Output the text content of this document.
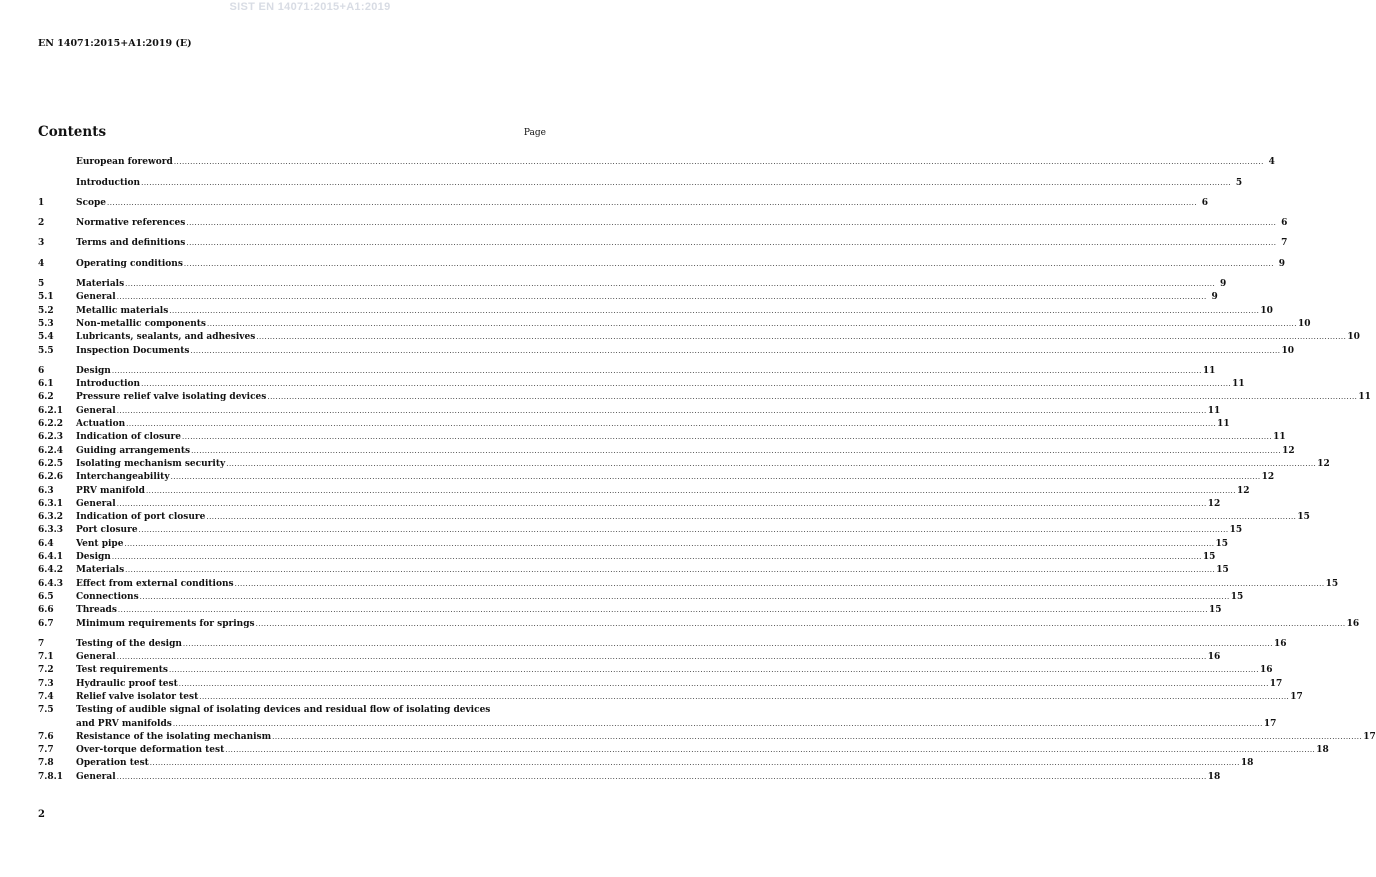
SIST EN 14071:2015+A1:2019
EN 14071:2015+A1:2019 (E)
Contents	Page
European foreword ................................................................................................................................................................................................................................................................................................................................................................................................................ 4
Introduction ................................................................................................................................................................................................................................................................................................................................................................................................................ 5
1	Scope ................................................................................................................................................................................................................................................................................................................................................................................................................ 6
2	Normative references ................................................................................................................................................................................................................................................................................................................................................................................................................ 6
3	Terms and definitions ................................................................................................................................................................................................................................................................................................................................................................................................................ 7
4	Operating conditions ................................................................................................................................................................................................................................................................................................................................................................................................................ 9
5	Materials ................................................................................................................................................................................................................................................................................................................................................................................................................ 9
5.1	General ................................................................................................................................................................................................................................................................................................................................................................................................................ 9
5.2	Metallic materials ................................................................................................................................................................................................................................................................................................................................................................................................................ 10
5.3	Non-metallic components ................................................................................................................................................................................................................................................................................................................................................................................................................ 10
5.4	Lubricants, sealants, and adhesives ................................................................................................................................................................................................................................................................................................................................................................................................................ 10
5.5	Inspection Documents ................................................................................................................................................................................................................................................................................................................................................................................................................ 10
6	Design ................................................................................................................................................................................................................................................................................................................................................................................................................ 11
6.1	Introduction ................................................................................................................................................................................................................................................................................................................................................................................................................ 11
6.2	Pressure relief valve isolating devices ................................................................................................................................................................................................................................................................................................................................................................................................................ 11
6.2.1	General ................................................................................................................................................................................................................................................................................................................................................................................................................ 11
6.2.2	Actuation ................................................................................................................................................................................................................................................................................................................................................................................................................ 11
6.2.3	Indication of closure ................................................................................................................................................................................................................................................................................................................................................................................................................ 11
6.2.4	Guiding arrangements ................................................................................................................................................................................................................................................................................................................................................................................................................ 12
6.2.5	Isolating mechanism security ................................................................................................................................................................................................................................................................................................................................................................................................................ 12
6.2.6	Interchangeability ................................................................................................................................................................................................................................................................................................................................................................................................................ 12
6.3	PRV manifold ................................................................................................................................................................................................................................................................................................................................................................................................................ 12
6.3.1	General ................................................................................................................................................................................................................................................................................................................................................................................................................ 12
6.3.2	Indication of port closure ................................................................................................................................................................................................................................................................................................................................................................................................................ 15
6.3.3	Port closure ................................................................................................................................................................................................................................................................................................................................................................................................................ 15
6.4	Vent pipe ................................................................................................................................................................................................................................................................................................................................................................................................................ 15
6.4.1	Design ................................................................................................................................................................................................................................................................................................................................................................................................................ 15
6.4.2	Materials ................................................................................................................................................................................................................................................................................................................................................................................................................ 15
6.4.3	Effect from external conditions ................................................................................................................................................................................................................................................................................................................................................................................................................ 15
6.5	Connections ................................................................................................................................................................................................................................................................................................................................................................................................................ 15
6.6	Threads ................................................................................................................................................................................................................................................................................................................................................................................................................ 15
6.7	Minimum requirements for springs ................................................................................................................................................................................................................................................................................................................................................................................................................ 16
7	Testing of the design ................................................................................................................................................................................................................................................................................................................................................................................................................ 16
7.1	General ................................................................................................................................................................................................................................................................................................................................................................................................................ 16
7.2	Test requirements ................................................................................................................................................................................................................................................................................................................................................................................................................ 16
7.3	Hydraulic proof test ................................................................................................................................................................................................................................................................................................................................................................................................................ 17
7.4	Relief valve isolator test ................................................................................................................................................................................................................................................................................................................................................................................................................ 17
7.5	Testing of audible signal of isolating devices and residual flow of isolating devices
and PRV manifolds ................................................................................................................................................................................................................................................................................................................................................................................................................ 17
7.6	Resistance of the isolating mechanism ................................................................................................................................................................................................................................................................................................................................................................................................................ 17
7.7	Over-torque deformation test ................................................................................................................................................................................................................................................................................................................................................................................................................ 18
7.8	Operation test ................................................................................................................................................................................................................................................................................................................................................................................................................ 18
7.8.1	General ................................................................................................................................................................................................................................................................................................................................................................................................................ 18
2
